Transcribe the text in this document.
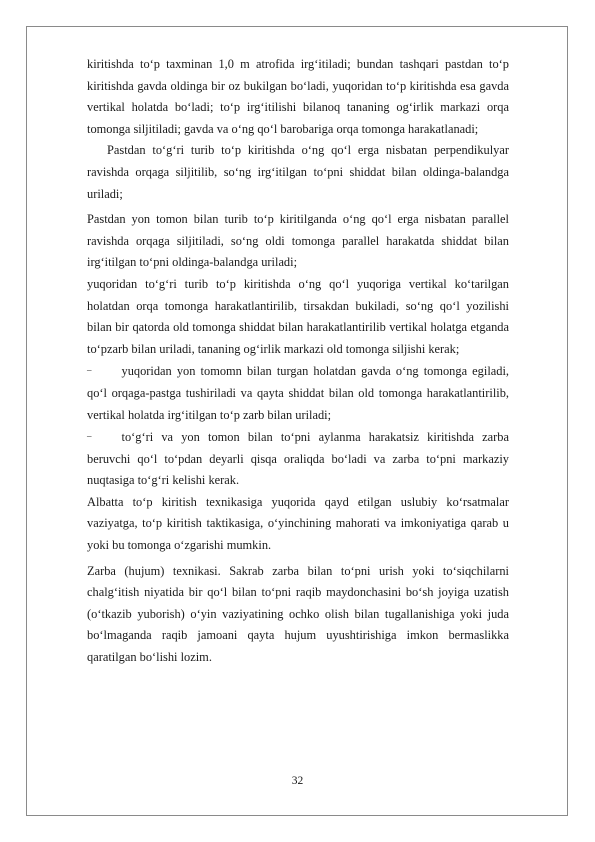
kiritishda to‘p taxminan 1,0 m atrofida irg‘itiladi; bundan tashqari pastdan to‘p kiritishda gavda oldinga bir oz bukilgan bo‘ladi, yuqoridan to‘p kiritishda esa gavda vertikal holatda bo‘ladi; to‘p irg‘itilishi bilanoq tananing og‘irlik markazi orqa tomonga siljitiladi; gavda va o‘ng qo‘l barobariga orqa tomonga harakatlanadi;

Pastdan to‘g‘ri turib to‘p kiritishda o‘ng qo‘l erga nisbatan perpendikulyar ravishda orqaga siljitilib, so‘ng irg‘itilgan to‘pni shiddat bilan oldinga-balandga uriladi;

Pastdan yon tomon bilan turib to‘p kiritilganda o‘ng qo‘l erga nisbatan parallel ravishda orqaga siljitiladi, so‘ng oldi tomonga parallel harakatda shiddat bilan irg‘itilgan to‘pni oldinga-balandga uriladi;

yuqoridan to‘g‘ri turib to‘p kiritishda o‘ng qo‘l yuqoriga vertikal ko‘tarilgan holatdan orqa tomonga harakatlantirilib, tirsakdan bukiladi, so‘ng qo‘l yozilishi bilan bir qatorda old tomonga shiddat bilan harakatlantirilib vertikal holatga etganda to‘pzarb bilan uriladi, tananing og‘irlik markazi old tomonga siljishi kerak;

– yuqoridan yon tomomn bilan turgan holatdan gavda o‘ng tomonga egiladi, qo‘l orqaga-pastga tushiriladi va qayta shiddat bilan old tomonga harakatlantirilib, vertikal holatda irg‘itilgan to‘p zarb bilan uriladi;

– to‘g‘ri va yon tomon bilan to‘pni aylanma harakatsiz kiritishda zarba beruvchi qo‘l to‘pdan deyarli qisqa oraliqda bo‘ladi va zarba to‘pni markaziy nuqtasiga to‘g‘ri kelishi kerak.

Albatta to‘p kiritish texnikasiga yuqorida qayd etilgan uslubiy ko‘rsatmalar vaziyatga, to‘p kiritish taktikasiga, o‘yinchining mahorati va imkoniyatiga qarab u yoki bu tomonga o‘zgarishi mumkin.

Zarba (hujum) texnikasi. Sakrab zarba bilan to‘pni urish yoki to‘siqchilarni chalg‘itish niyatida bir qo‘l bilan to‘pni raqib maydonchasini bo‘sh joyiga uzatish (o‘tkazib yuborish) o‘yin vaziyatining ochko olish bilan tugallanishiga yoki juda bo‘lmaganda raqib jamoani qayta hujum uyushtirishiga imkon bermaslikka qaratilgan bo‘lishi lozim.

32
